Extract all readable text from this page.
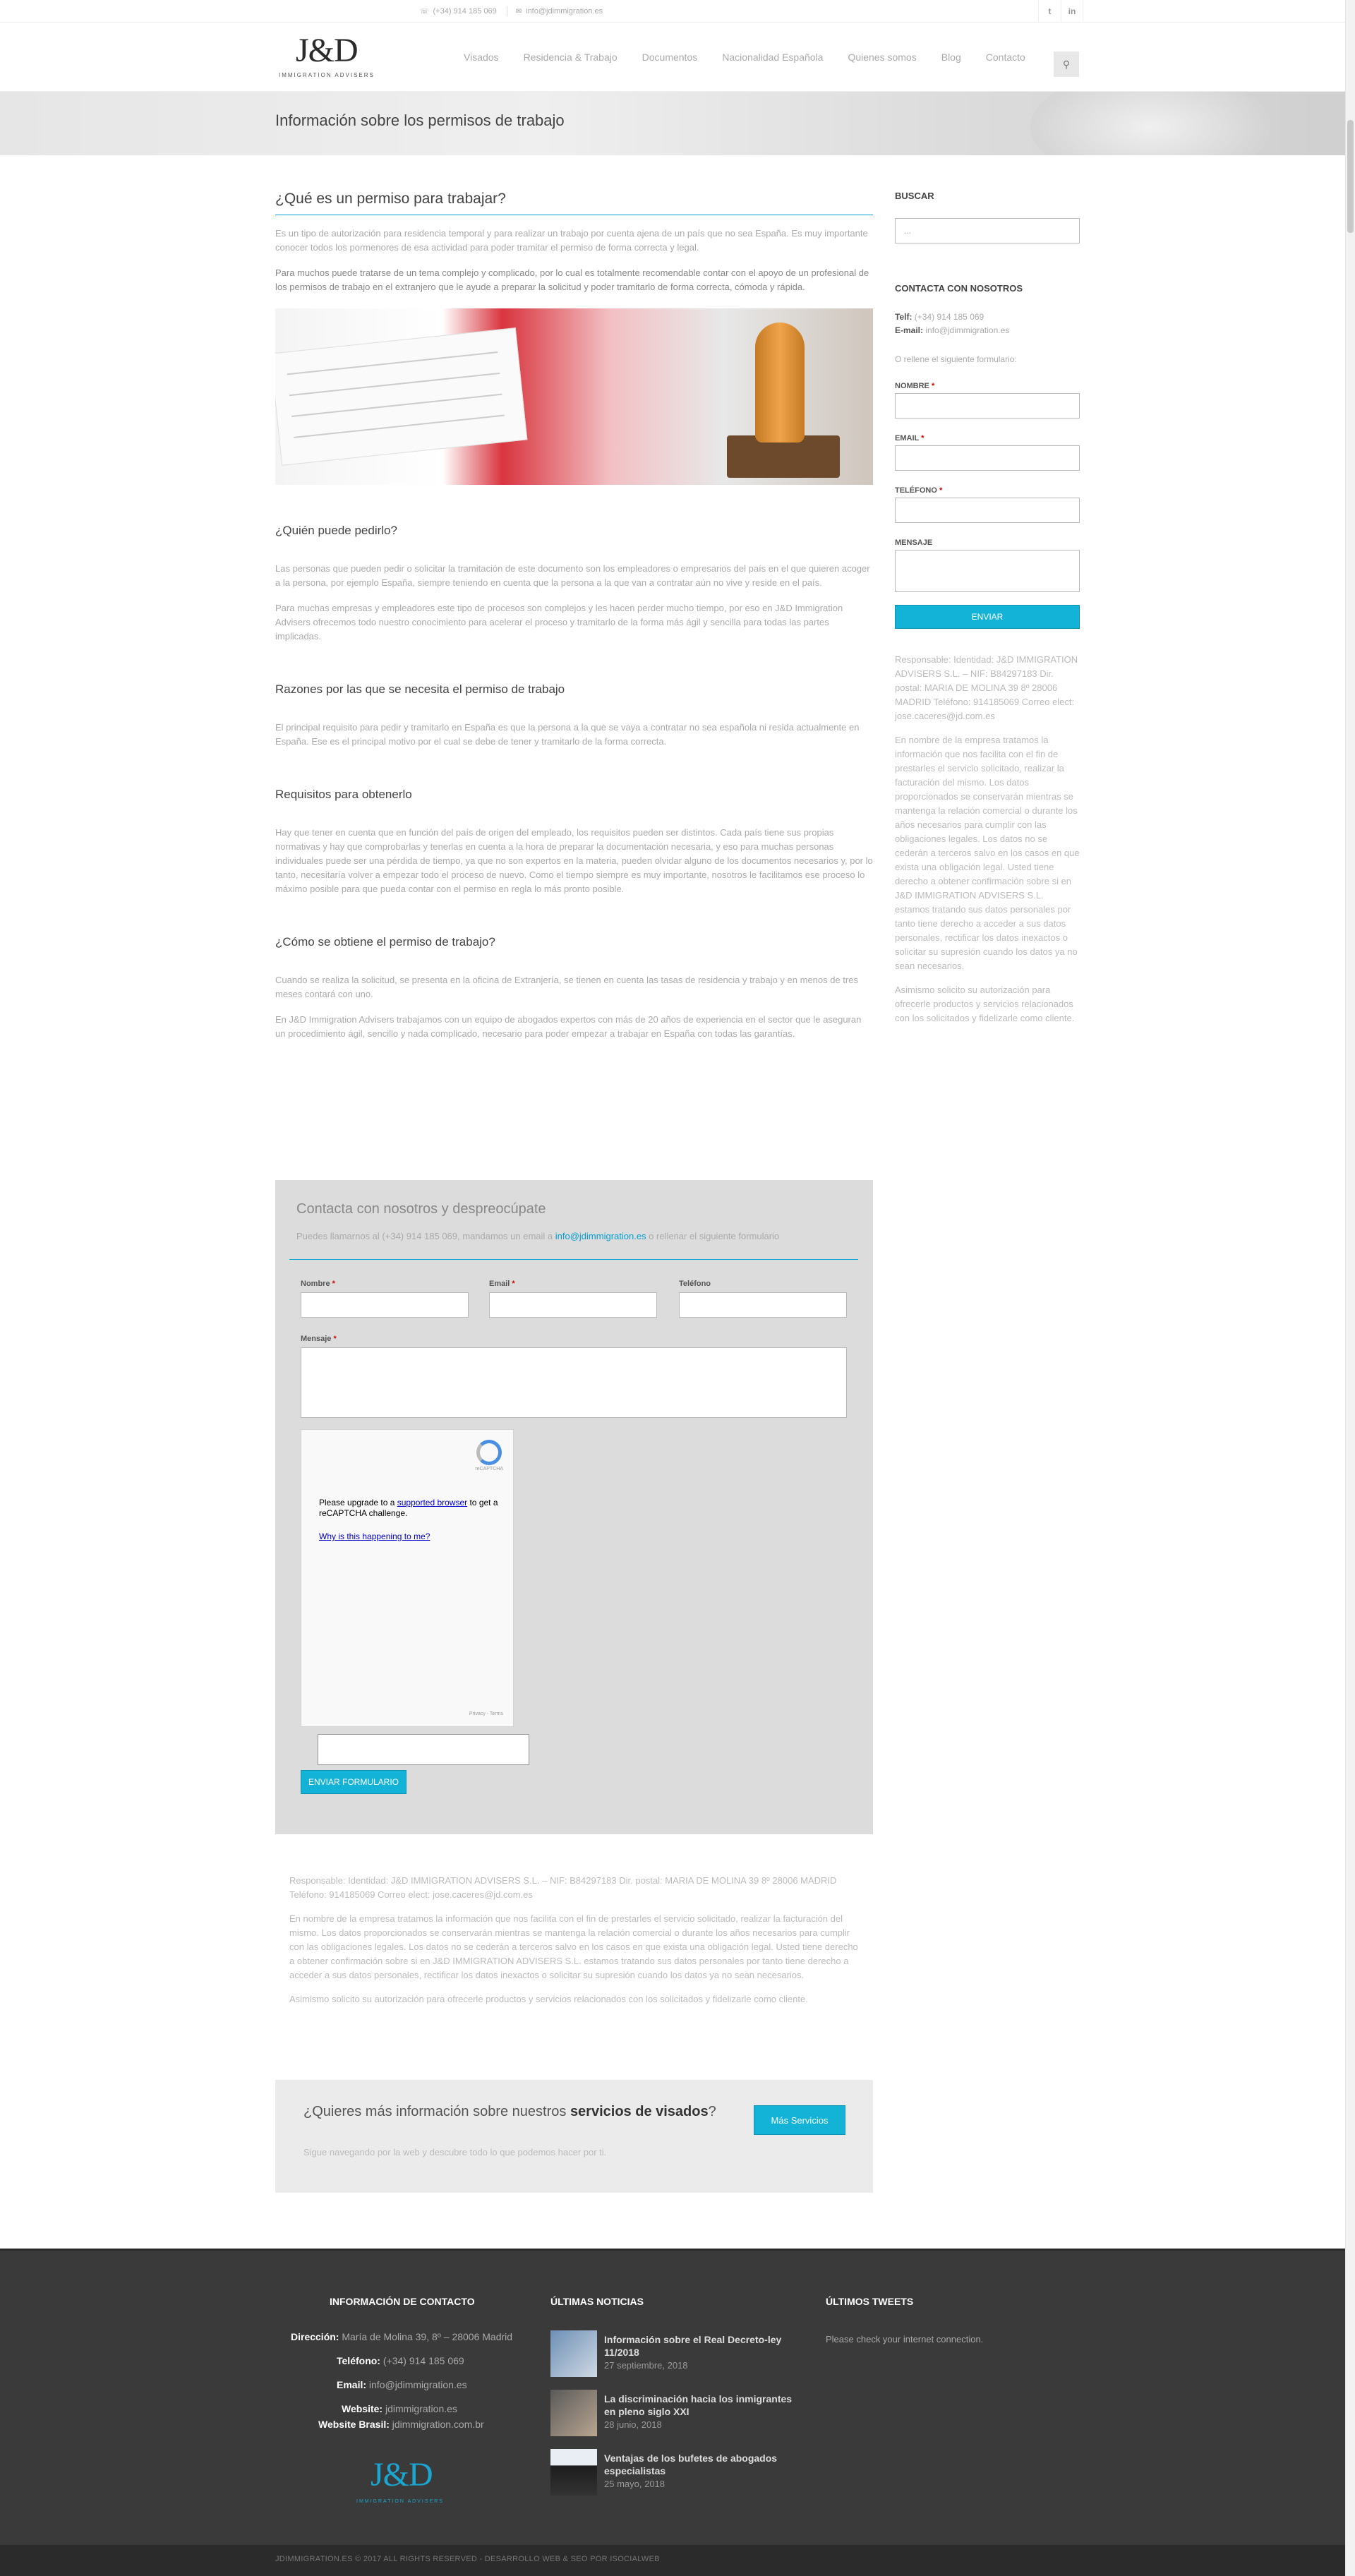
☏ (+34) 914 185 069	✉ info@jdimmigration.es	t	in
J&D
IMMIGRATION ADVISERS
Visados	Residencia & Trabajo	Documentos	Nacionalidad Española	Quienes somos	Blog	Contacto
⚲
Información sobre los permisos de trabajo
¿Qué es un permiso para trabajar?

Es un tipo de autorización para residencia temporal y para realizar un trabajo por cuenta ajena de un país que no sea España. Es muy importante conocer todos los pormenores de esa actividad para poder tramitar el permiso de forma correcta y legal.

Para muchos puede tratarse de un tema complejo y complicado, por lo cual es totalmente recomendable contar con el apoyo de un profesional de los permisos de trabajo en el extranjero que le ayude a preparar la solicitud y poder tramitarlo de forma correcta, cómoda y rápida.

¿Quién puede pedirlo?

Las personas que pueden pedir o solicitar la tramitación de este documento son los empleadores o empresarios del país en el que quieren acoger a la persona, por ejemplo España, siempre teniendo en cuenta que la persona a la que van a contratar aún no vive y reside en el país.

Para muchas empresas y empleadores este tipo de procesos son complejos y les hacen perder mucho tiempo, por eso en J&D Immigration Advisers ofrecemos todo nuestro conocimiento para acelerar el proceso y tramitarlo de la forma más ágil y sencilla para todas las partes implicadas.

Razones por las que se necesita el permiso de trabajo

El principal requisito para pedir y tramitarlo en España es que la persona a la que se vaya a contratar no sea española ni resida actualmente en España. Ese es el principal motivo por el cual se debe de tener y tramitarlo de la forma correcta.

Requisitos para obtenerlo

Hay que tener en cuenta que en función del país de origen del empleado, los requisitos pueden ser distintos. Cada país tiene sus propias normativas y hay que comprobarlas y tenerlas en cuenta a la hora de preparar la documentación necesaria, y eso para muchas personas individuales puede ser una pérdida de tiempo, ya que no son expertos en la materia, pueden olvidar alguno de los documentos necesarios y, por lo tanto, necesitaría volver a empezar todo el proceso de nuevo. Como el tiempo siempre es muy importante, nosotros le facilitamos ese proceso lo máximo posible para que pueda contar con el permiso en regla lo más pronto posible.

¿Cómo se obtiene el permiso de trabajo?

Cuando se realiza la solicitud, se presenta en la oficina de Extranjería, se tienen en cuenta las tasas de residencia y trabajo y en menos de tres meses contará con uno.

En J&D Immigration Advisers trabajamos con un equipo de abogados expertos con más de 20 años de experiencia en el sector que le aseguran un procedimiento ágil, sencillo y nada complicado, necesario para poder empezar a trabajar en España con todas las garantías.

Contacta con nosotros y despreocúpate
Puedes llamarnos al (+34) 914 185 069, mandamos un email a info@jdimmigration.es o rellenar el siguiente formulario
Nombre *	Email *	Teléfono
Mensaje *
reCAPTCHA
Please upgrade to a supported browser to get a reCAPTCHA challenge.
Why is this happening to me?
Privacy - Terms
ENVIAR FORMULARIO

Responsable: Identidad: J&D IMMIGRATION ADVISERS S.L. – NIF: B84297183 Dir. postal: MARIA DE MOLINA 39 8º 28006 MADRID Teléfono: 914185069 Correo elect: jose.caceres@jd.com.es

En nombre de la empresa tratamos la información que nos facilita con el fin de prestarles el servicio solicitado, realizar la facturación del mismo. Los datos proporcionados se conservarán mientras se mantenga la relación comercial o durante los años necesarios para cumplir con las obligaciones legales. Los datos no se cederán a terceros salvo en los casos en que exista una obligación legal. Usted tiene derecho a obtener confirmación sobre si en J&D IMMIGRATION ADVISERS S.L. estamos tratando sus datos personales por tanto tiene derecho a acceder a sus datos personales, rectificar los datos inexactos o solicitar su supresión cuando los datos ya no sean necesarios.

Asimismo solicito su autorización para ofrecerle productos y servicios relacionados con los solicitados y fidelizarle como cliente.

¿Quieres más información sobre nuestros servicios de visados?
Sigue navegando por la web y descubre todo lo que podemos hacer por ti.
Más Servicios
BUSCAR
...
CONTACTA CON NOSOTROS
Telf: (+34) 914 185 069
E-mail: info@jdimmigration.es
O rellene el siguiente formulario:
NOMBRE *
EMAIL *
TELÉFONO *
MENSAJE
ENVIAR

Responsable: Identidad: J&D IMMIGRATION ADVISERS S.L. – NIF: B84297183 Dir. postal: MARIA DE MOLINA 39 8º 28006 MADRID Teléfono: 914185069 Correo elect: jose.caceres@jd.com.es

En nombre de la empresa tratamos la información que nos facilita con el fin de prestarles el servicio solicitado, realizar la facturación del mismo. Los datos proporcionados se conservarán mientras se mantenga la relación comercial o durante los años necesarios para cumplir con las obligaciones legales. Los datos no se cederán a terceros salvo en los casos en que exista una obligación legal. Usted tiene derecho a obtener confirmación sobre si en J&D IMMIGRATION ADVISERS S.L. estamos tratando sus datos personales por tanto tiene derecho a acceder a sus datos personales, rectificar los datos inexactos o solicitar su supresión cuando los datos ya no sean necesarios.

Asimismo solicito su autorización para ofrecerle productos y servicios relacionados con los solicitados y fidelizarle como cliente.

INFORMACIÓN DE CONTACTO
Dirección: María de Molina 39, 8º – 28006 Madrid
Teléfono: (+34) 914 185 069
Email: info@jdimmigration.es
Website: jdimmigration.es
Website Brasil: jdimmigration.com.br
J&D
IMMIGRATION ADVISERS
ÚLTIMAS NOTICIAS
Información sobre el Real Decreto-ley 11/2018
27 septiembre, 2018
La discriminación hacia los inmigrantes en pleno siglo XXI
28 junio, 2018
Ventajas de los bufetes de abogados especialistas
25 mayo, 2018
ÚLTIMOS TWEETS
Please check your internet connection.
JDIMMIGRATION.ES © 2017 ALL RIGHTS RESERVED - DESARROLLO WEB & SEO POR ISOCIALWEB
